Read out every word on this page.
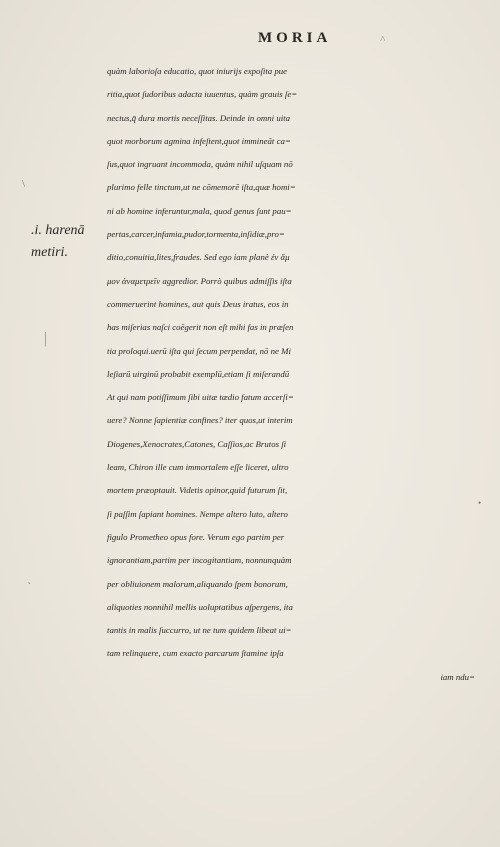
MORIA	˄
.i. harenā
metiri.
quàm laborioſa educatio, quot iniurijs expoſita pue
ritia,quot ſudoribus adacta iuuentus, quàm grauis ſe=
nectus,q̄ dura mortis neceſſitas. Deinde in omni uita
quot morborum agmina infeſtent,quot immineāt ca=
ſus,quot ingruant incommoda, quàm nihil uſquam nō
plurimo felle tinctum,ut ne cōmemorē iſta,quæ homi=
ni ab homine inferuntur,mala, quod genus ſunt pau=
pertas,carcer,infamia,pudor,tormenta,inſidiæ,pro=
ditio,conuitia,lites,fraudes. Sed ego iam planè ἐν ἄμ
μον ἀναμετρεῖν aggredior. Porrò quibus admiſſis iſta
commeruerint homines, aut quis Deus iratus, eos in
has miſerias naſci coēgerit non eſt mihi fas in præſen
tia proloqui.uerū iſta qui ſecum perpendat, nō ne Mi
leſiarū uirginū probabit exemplū,etiam ſi miſerandū
At qui nam potiſſimum ſibi uitæ tædio fatum accerſi=
uere? Nonne ſapientiæ confines? iter quos,ut interim
Diogenes,Xenocrates,Catones, Caſſios,ac Brutos ſi
leam, Chiron ille cum immortalem eſſe liceret, ultro
mortem præoptauit. Videtis opinor,quid futurum ſit,
ſi paſſim ſapiant homines. Nempe altero luto, altero
figulo Prometheo opus fore. Verum ego partim per
ignorantiam,partim per incogitantiam, nonnunquàm
per obliuionem malorum,aliquando ſpem bonorum,
aliquoties nonnihil mellis uoluptatibus aſpergens, ita
tantis in malis ſuccurro, ut ne tum quidem libeat ui=
tam relinquere, cum exacto parcarum ſtamine ipſa
iam ndu=
\
|
•
˛
